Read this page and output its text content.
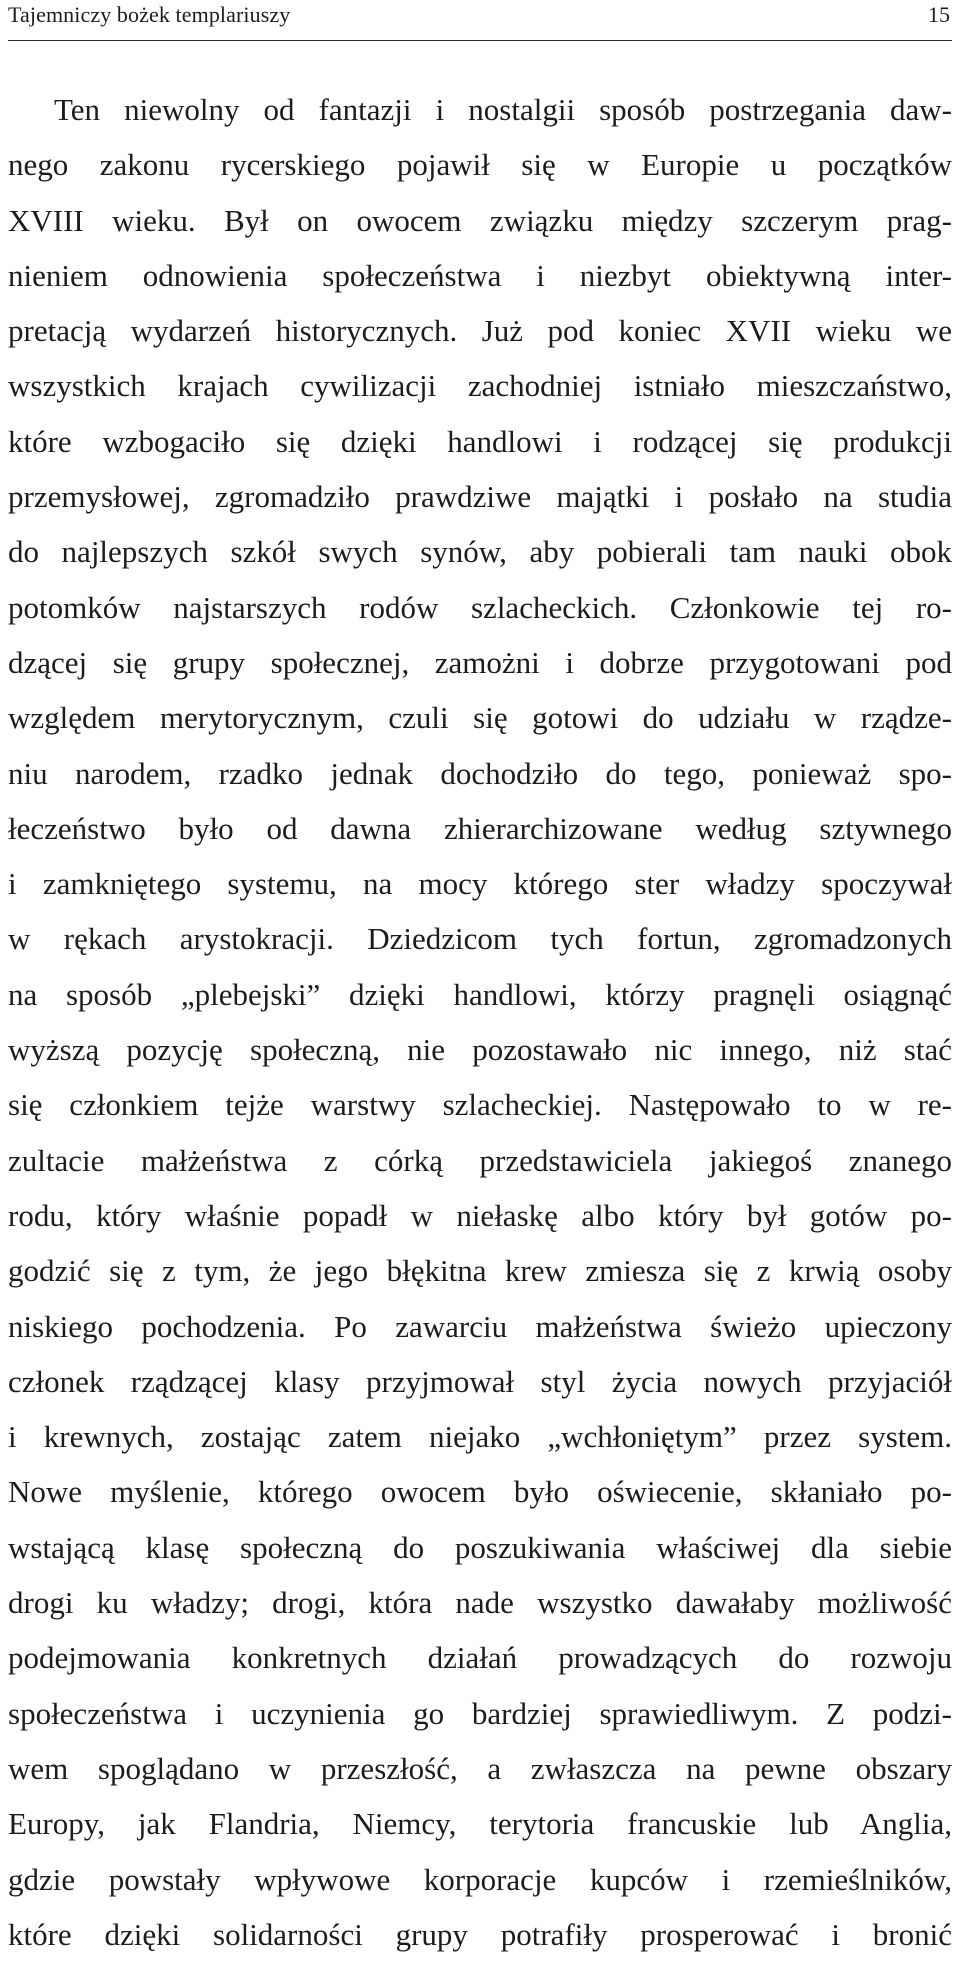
Tajemniczy bożek templariuszy	15
Ten niewolny od fantazji i nostalgii sposób postrzegania daw-
nego zakonu rycerskiego pojawił się w Europie u początków
XVIII wieku. Był on owocem związku między szczerym prag-
nieniem odnowienia społeczeństwa i niezbyt obiektywną inter-
pretacją wydarzeń historycznych. Już pod koniec XVII wieku we
wszystkich krajach cywilizacji zachodniej istniało mieszczaństwo,
które wzbogaciło się dzięki handlowi i rodzącej się produkcji
przemysłowej, zgromadziło prawdziwe majątki i posłało na studia
do najlepszych szkół swych synów, aby pobierali tam nauki obok
potomków najstarszych rodów szlacheckich. Członkowie tej ro-
dzącej się grupy społecznej, zamożni i dobrze przygotowani pod
względem merytorycznym, czuli się gotowi do udziału w rządze-
niu narodem, rzadko jednak dochodziło do tego, ponieważ spo-
łeczeństwo było od dawna zhierarchizowane według sztywnego
i zamkniętego systemu, na mocy którego ster władzy spoczywał
w rękach arystokracji. Dziedzicom tych fortun, zgromadzonych
na sposób „plebejski” dzięki handlowi, którzy pragnęli osiągnąć
wyższą pozycję społeczną, nie pozostawało nic innego, niż stać
się członkiem tejże warstwy szlacheckiej. Następowało to w re-
zultacie małżeństwa z córką przedstawiciela jakiegoś znanego
rodu, który właśnie popadł w niełaskę albo który był gotów po-
godzić się z tym, że jego błękitna krew zmiesza się z krwią osoby
niskiego pochodzenia. Po zawarciu małżeństwa świeżo upieczony
członek rządzącej klasy przyjmował styl życia nowych przyjaciół
i krewnych, zostając zatem niejako „wchłoniętym” przez system.
Nowe myślenie, którego owocem było oświecenie, skłaniało po-
wstającą klasę społeczną do poszukiwania właściwej dla siebie
drogi ku władzy; drogi, która nade wszystko dawałaby możliwość
podejmowania konkretnych działań prowadzących do rozwoju
społeczeństwa i uczynienia go bardziej sprawiedliwym. Z podzi-
wem spoglądano w przeszłość, a zwłaszcza na pewne obszary
Europy, jak Flandria, Niemcy, terytoria francuskie lub Anglia,
gdzie powstały wpływowe korporacje kupców i rzemieślników,
które dzięki solidarności grupy potrafiły prosperować i bronić
